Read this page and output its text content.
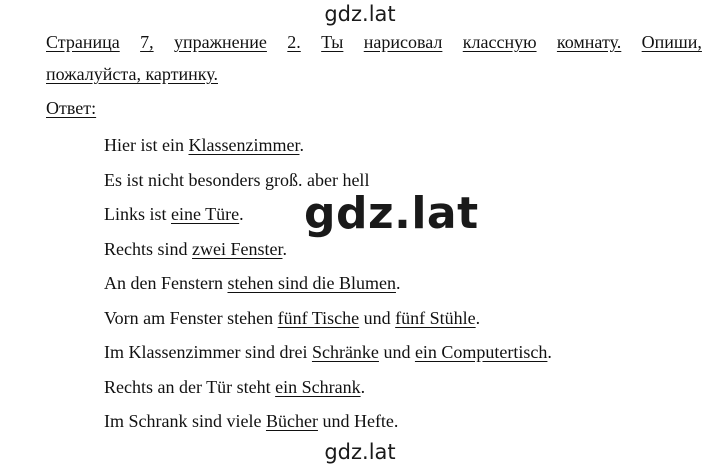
gdz.lat
Страница 7, упражнение 2. Ты нарисовал классную комнату. Опиши,
пожалуйста, картинку.
Ответ:
Hier ist ein Klassenzimmer.
Es ist nicht besonders groß. aber hell
Links ist eine Türe.
Rechts sind zwei Fenster.
An den Fenstern stehen sind die Blumen.
Vorn am Fenster stehen fünf Tische und fünf Stühle.
Im Klassenzimmer sind drei Schränke und ein Computertisch.
Rechts an der Tür steht ein Schrank.
Im Schrank sind viele Bücher und Hefte.
gdz.lat
gdz.lat
